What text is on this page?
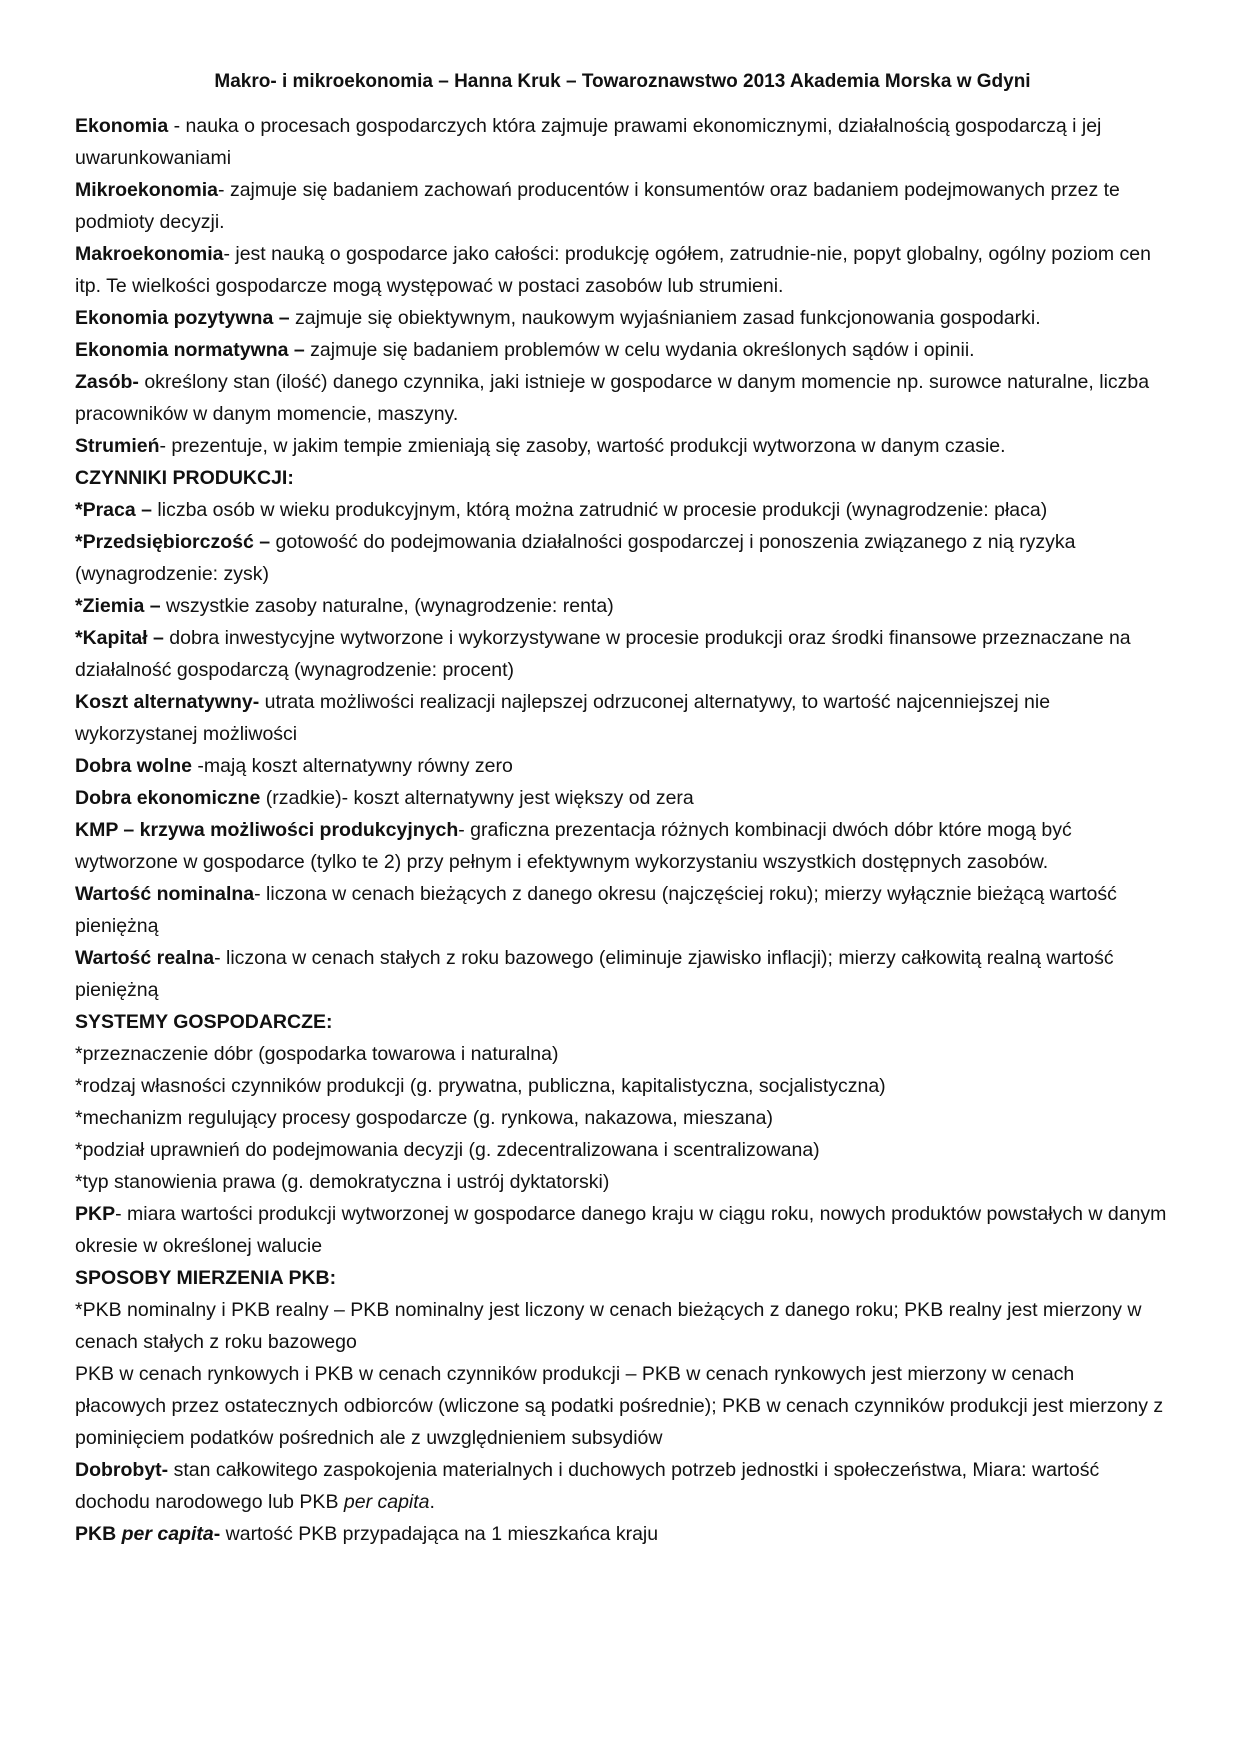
Makro- i mikroekonomia – Hanna Kruk – Towaroznawstwo 2013 Akademia Morska w Gdyni

Ekonomia - nauka o procesach gospodarczych która zajmuje prawami ekonomicznymi, działalnością gospodarczą i jej uwarunkowaniami

Mikroekonomia- zajmuje się badaniem zachowań producentów i konsumentów oraz badaniem podejmowanych przez te podmioty decyzji.

Makroekonomia- jest nauką o gospodarce jako całości: produkcję ogółem, zatrudnie-nie, popyt globalny, ogólny poziom cen itp. Te wielkości gospodarcze mogą występować w postaci zasobów lub strumieni.

Ekonomia pozytywna – zajmuje się obiektywnym, naukowym wyjaśnianiem zasad funkcjonowania gospodarki.

Ekonomia normatywna – zajmuje się badaniem problemów w celu wydania określonych sądów i opinii.

Zasób- określony stan (ilość) danego czynnika, jaki istnieje w gospodarce w danym momencie np. surowce naturalne, liczba pracowników w danym momencie, maszyny.

Strumień- prezentuje, w jakim tempie zmieniają się zasoby, wartość produkcji wytworzona w danym czasie.

CZYNNIKI PRODUKCJI:

*Praca – liczba osób w wieku produkcyjnym, którą można zatrudnić w procesie produkcji (wynagrodzenie: płaca)

*Przedsiębiorczość – gotowość do podejmowania działalności gospodarczej i ponoszenia związanego z nią ryzyka (wynagrodzenie: zysk)

*Ziemia – wszystkie zasoby naturalne, (wynagrodzenie: renta)

*Kapitał – dobra inwestycyjne wytworzone i wykorzystywane w procesie produkcji oraz środki finansowe przeznaczane na działalność gospodarczą (wynagrodzenie: procent)

Koszt alternatywny- utrata możliwości realizacji najlepszej odrzuconej alternatywy, to wartość najcenniejszej nie wykorzystanej możliwości

Dobra wolne -mają koszt alternatywny równy zero

Dobra ekonomiczne (rzadkie)- koszt alternatywny jest większy od zera

KMP – krzywa możliwości produkcyjnych- graficzna prezentacja różnych kombinacji dwóch dóbr które mogą być wytworzone w gospodarce (tylko te 2) przy pełnym i efektywnym wykorzystaniu wszystkich dostępnych zasobów.

Wartość nominalna- liczona w cenach bieżących z danego okresu (najczęściej roku); mierzy wyłącznie bieżącą wartość pieniężną

Wartość realna- liczona w cenach stałych z roku bazowego (eliminuje zjawisko inflacji); mierzy całkowitą realną wartość pieniężną

SYSTEMY GOSPODARCZE:

*przeznaczenie dóbr (gospodarka towarowa i naturalna)

*rodzaj własności czynników produkcji (g. prywatna, publiczna, kapitalistyczna, socjalistyczna)

*mechanizm regulujący procesy gospodarcze (g. rynkowa, nakazowa, mieszana)

*podział uprawnień do podejmowania decyzji (g. zdecentralizowana i scentralizowana)

*typ stanowienia prawa (g. demokratyczna i ustrój dyktatorski)

PKP- miara wartości produkcji wytworzonej w gospodarce danego kraju w ciągu roku, nowych produktów powstałych w danym okresie w określonej walucie

SPOSOBY MIERZENIA PKB:

*PKB nominalny i PKB realny – PKB nominalny jest liczony w cenach bieżących z danego roku; PKB realny jest mierzony w cenach stałych z roku bazowego

PKB w cenach rynkowych i PKB w cenach czynników produkcji – PKB w cenach rynkowych jest mierzony w cenach płacowych przez ostatecznych odbiorców (wliczone są podatki pośrednie); PKB w cenach czynników produkcji jest mierzony z pominięciem podatków pośrednich ale z uwzględnieniem subsydiów

Dobrobyt- stan całkowitego zaspokojenia materialnych i duchowych potrzeb jednostki i społeczeństwa, Miara: wartość dochodu narodowego lub PKB per capita.

PKB per capita- wartość PKB przypadająca na 1 mieszkańca kraju
